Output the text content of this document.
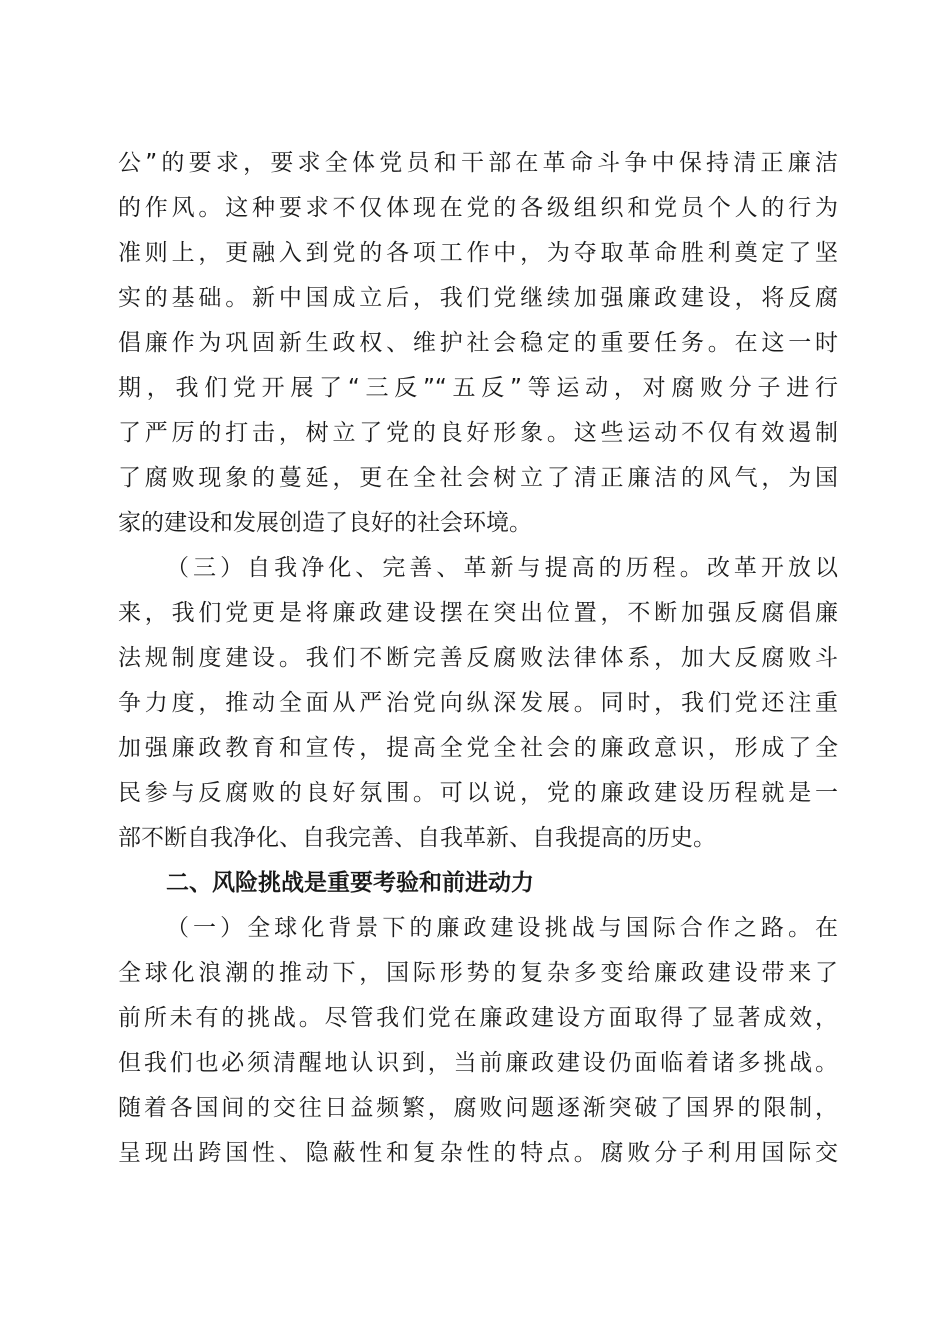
公”的要求，要求全体党员和干部在革命斗争中保持清正廉洁
的作风。这种要求不仅体现在党的各级组织和党员个人的行为
准则上，更融入到党的各项工作中，为夺取革命胜利奠定了坚
实的基础。新中国成立后，我们党继续加强廉政建设，将反腐
倡廉作为巩固新生政权、维护社会稳定的重要任务。在这一时
期，我们党开展了“三反”“五反”等运动，对腐败分子进行
了严厉的打击，树立了党的良好形象。这些运动不仅有效遏制
了腐败现象的蔓延，更在全社会树立了清正廉洁的风气，为国
家的建设和发展创造了良好的社会环境。
（三）自我净化、完善、革新与提高的历程。改革开放以
来，我们党更是将廉政建设摆在突出位置，不断加强反腐倡廉
法规制度建设。我们不断完善反腐败法律体系，加大反腐败斗
争力度，推动全面从严治党向纵深发展。同时，我们党还注重
加强廉政教育和宣传，提高全党全社会的廉政意识，形成了全
民参与反腐败的良好氛围。可以说，党的廉政建设历程就是一
部不断自我净化、自我完善、自我革新、自我提高的历史。
二、风险挑战是重要考验和前进动力
（一）全球化背景下的廉政建设挑战与国际合作之路。在
全球化浪潮的推动下，国际形势的复杂多变给廉政建设带来了
前所未有的挑战。尽管我们党在廉政建设方面取得了显著成效，
但我们也必须清醒地认识到，当前廉政建设仍面临着诸多挑战。
随着各国间的交往日益频繁，腐败问题逐渐突破了国界的限制，
呈现出跨国性、隐蔽性和复杂性的特点。腐败分子利用国际交
